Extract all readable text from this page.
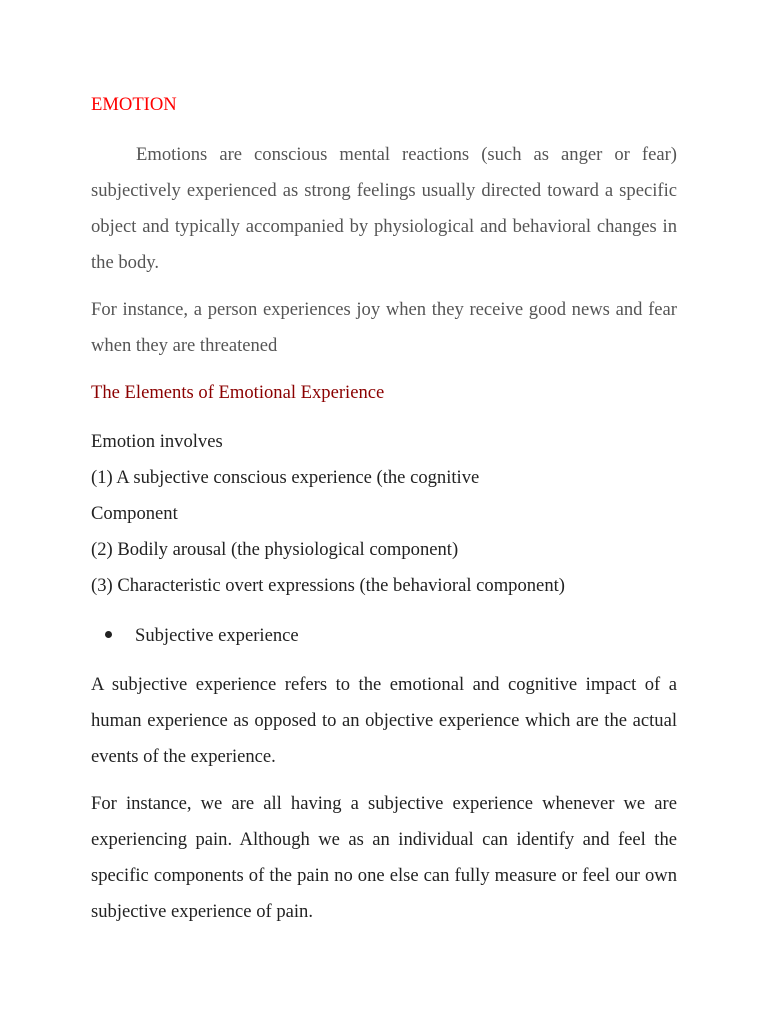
EMOTION

Emotions are conscious mental reactions (such as anger or fear) subjectively experienced as strong feelings usually directed toward a specific object and typically accompanied by physiological and behavioral changes in the body.

For instance, a person experiences joy when they receive good news and fear when they are threatened

The Elements of Emotional Experience
Emotion involves
(1) A subjective conscious experience (the cognitive
Component
(2) Bodily arousal (the physiological component)
(3) Characteristic overt expressions (the behavioral component)
Subjective experience

A subjective experience refers to the emotional and cognitive impact of a human experience as opposed to an objective experience which are the actual events of the experience.

For instance, we are all having a subjective experience whenever we are experiencing pain. Although we as an individual can identify and feel the specific components of the pain no one else can fully measure or feel our own subjective experience of pain.
